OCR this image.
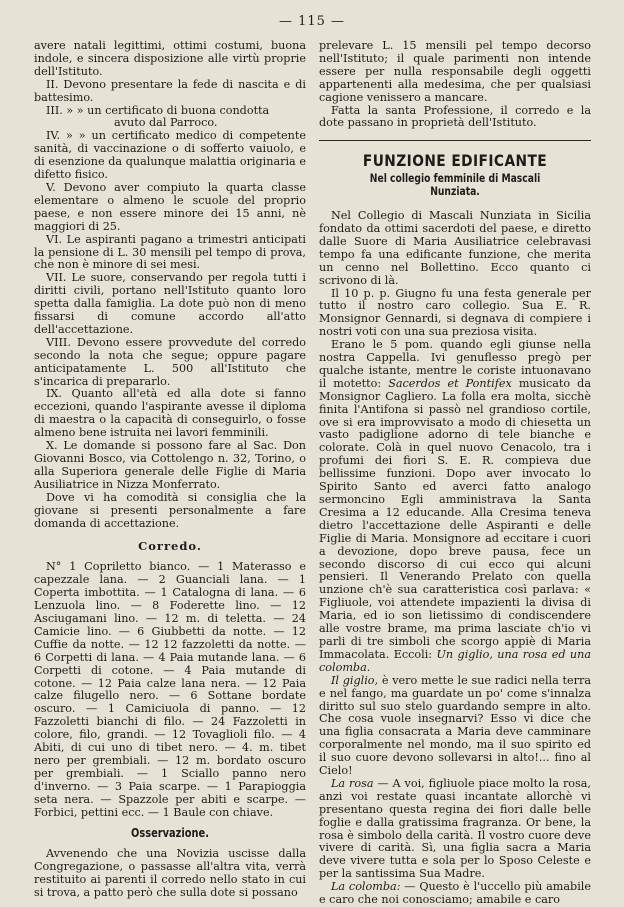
— 115 —

avere natali legittimi, ottimi costumi, buona indole, e sincera disposizione alle virtù proprie dell'Istituto.

II. Devono presentare la fede di nascita e di battesimo.

III. » » un certificato di buona condotta

avuto dal Parroco.

IV. » » un certificato medico di competente sanità, di vaccinazione o di sofferto vaiuolo, e di esenzione da qualunque malattia originaria e difetto fisico.

V. Devono aver compiuto la quarta classe elementare o almeno le scuole del proprio paese, e non essere minore dei 15 anni, nè maggiori di 25.

VI. Le aspiranti pagano a trimestri anticipati la pensione di L. 30 mensili pel tempo di prova, che non è minore di sei mesi.

VII. Le suore, conservando per regola tutti i diritti civili, portano nell'Istituto quanto loro spetta dalla famiglia. La dote può non di meno fissarsi di comune accordo all'atto dell'accettazione.

VIII. Devono essere provvedute del corredo secondo la nota che segue; oppure pagare anticipatamente L. 500 all'Istituto che s'incarica di prepararlo.

IX. Quanto all'età ed alla dote si fanno eccezioni, quando l'aspirante avesse il diploma di maestra o la capacità di conseguirlo, o fosse almeno bene istruita nei lavori femminili.

X. Le domande si possono fare al Sac. Don Giovanni Bosco, via Cottolengo n. 32, Torino, o alla Superiora generale delle Figlie di Maria Ausiliatrice in Nizza Monferrato.

Dove vi ha comodità si consiglia che la giovane si presenti personalmente a fare domanda di accettazione.

Corredo.

N° 1 Copriletto bianco. — 1 Materasso e capezzale lana. — 2 Guanciali lana. — 1 Coperta imbottita. — 1 Catalogna di lana. — 6 Lenzuola lino. — 8 Foderette lino. — 12 Asciugamani lino. — 12 m. di teletta. — 24 Camicie lino. — 6 Giubbetti da notte. — 12 Cuffie da notte. — 12 12 fazzoletti da notte. — 6 Corpetti di lana. — 4 Paia mutande lana. — 6 Corpetti di cotone. — 4 Paia mutande di cotone. — 12 Paia calze lana nera. — 12 Paia calze filugello nero. — 6 Sottane bordate oscuro. — 1 Camiciuola di panno. — 12 Fazzoletti bianchi di filo. — 24 Fazzoletti in colore, filo, grandi. — 12 Tovaglioli filo. — 4 Abiti, di cui uno di tibet nero. — 4. m. tibet nero per grembiali. — 12 m. bordato oscuro per grembiali. — 1 Sciallo panno nero d'inverno. — 3 Paia scarpe. — 1 Parapioggia seta nera. — Spazzole per abiti e scarpe. — Forbici, pettini ecc. — 1 Baule con chiave.

Osservazione.

Avvenendo che una Novizia uscisse dalla Congregazione, o passasse all'altra vita, verrà restituito ai parenti il corredo nello stato in cui si trova, a patto però che sulla dote si possano

prelevare L. 15 mensili pel tempo decorso nell'Istituto; il quale parimenti non intende essere per nulla responsabile degli oggetti appartenenti alla medesima, che per qualsiasi cagione venissero a mancare.

Fatta la santa Professione, il corredo e la dote passano in proprietà dell'Istituto.

FUNZIONE EDIFICANTE
Nel collegio femminile di Mascali Nunziata.

Nel Collegio di Mascali Nunziata in Sicilia fondato da ottimi sacerdoti del paese, e diretto dalle Suore di Maria Ausiliatrice celebravasi tempo fa una edificante funzione, che merita un cenno nel Bollettino. Ecco quanto ci scrivono di là.

Il 10 p. p. Giugno fu una festa generale per tutto il nostro caro collegio. Sua E. R. Monsignor Gennardi, si degnava di compiere i nostri voti con una sua preziosa visita.

Erano le 5 pom. quando egli giunse nella nostra Cappella. Ivi genuflesso pregò per qualche istante, mentre le coriste intuonavano il motetto: Sacerdos et Pontifex musicato da Monsignor Cagliero. La folla era molta, sicchè finita l'Antifona si passò nel grandioso cortile, ove si era improvvisato a modo di chiesetta un vasto padiglione adorno di tele bianche e colorate. Colà in quel nuovo Cenacolo, tra i profumi dei fiori S. E. R. compieva due bellissime funzioni. Dopo aver invocato lo Spirito Santo ed averci fatto analogo sermoncino Egli amministrava la Santa Cresima a 12 educande. Alla Cresima teneva dietro l'accettazione delle Aspiranti e delle Figlie di Maria. Monsignore ad eccitare i cuori a devozione, dopo breve pausa, fece un secondo discorso di cui ecco qui alcuni pensieri. Il Venerando Prelato con quella unzione ch'è sua caratteristica così parlava: « Figliuole, voi attendete impazienti la divisa di Maria, ed io son lietissimo di condiscendere alle vostre brame, ma prima lasciate ch'io vi parli di tre simboli che scorgo appiè di Maria Immacolata. Eccoli: Un giglio, una rosa ed una colomba.

Il giglio, è vero mette le sue radici nella terra e nel fango, ma guardate un po' come s'innalza diritto sul suo stelo guardando sempre in alto. Che cosa vuole insegnarvi? Esso vi dice che una figlia consacrata a Maria deve camminare corporalmente nel mondo, ma il suo spirito ed il suo cuore devono sollevarsi in alto!... fino al Cielo!

La rosa — A voi, figliuole piace molto la rosa, anzi voi restate quasi incantate allorchè vi presentano questa regina dei fiori dalle belle foglie e dalla gratissima fragranza. Or bene, la rosa è simbolo della carità. Il vostro cuore deve vivere di carità. Sì, una figlia sacra a Maria deve vivere tutta e sola per lo Sposo Celeste e per la santissima Sua Madre.

La colomba: — Questo è l'uccello più amabile e caro che noi conosciamo; amabile e caro
